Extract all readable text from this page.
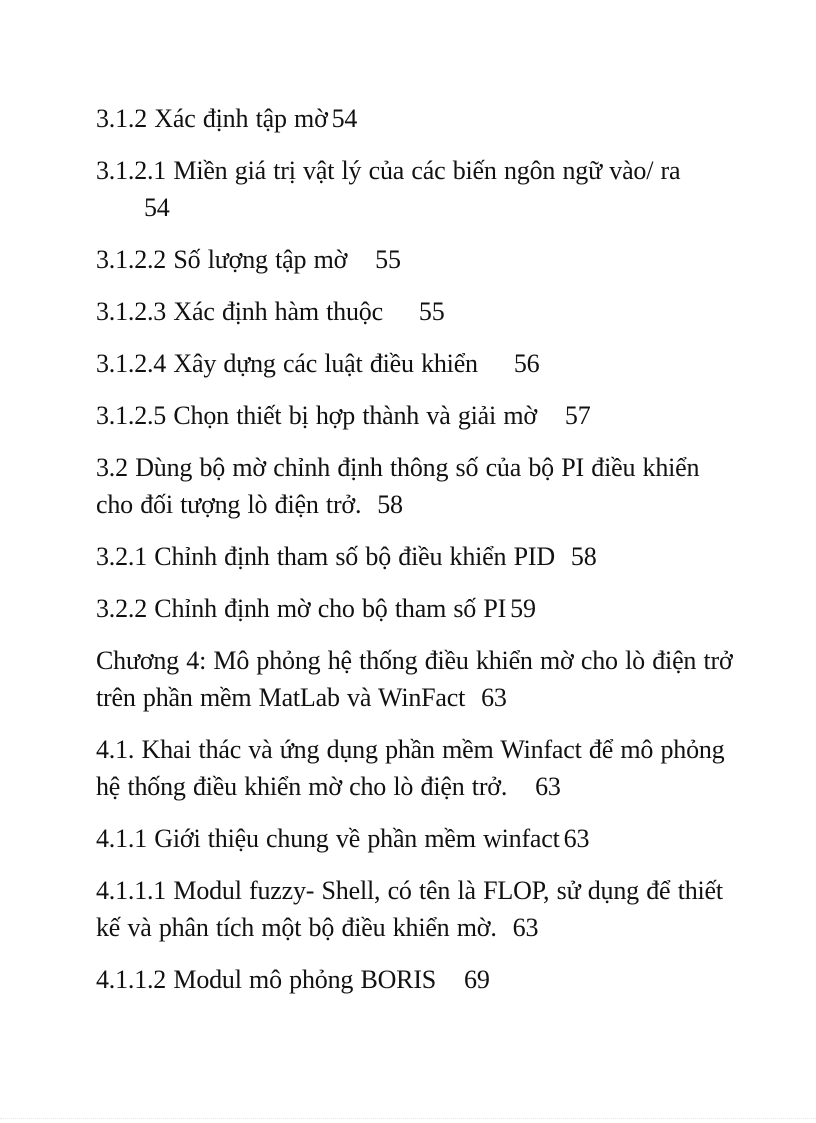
3.1.2 Xác định tập mờ 54
3.1.2.1 Miền giá trị vật lý của các biến ngôn ngữ vào/ ra
54
3.1.2.2 Số lượng tập mờ 55
3.1.2.3 Xác định hàm thuộc 55
3.1.2.4 Xây dựng các luật điều khiển 56
3.1.2.5 Chọn thiết bị hợp thành và giải mờ 57
3.2 Dùng bộ mờ chỉnh định thông số của bộ PI điều khiển cho đối tượng lò điện trở. 58
3.2.1 Chỉnh định tham số bộ điều khiển PID 58
3.2.2 Chỉnh định mờ cho bộ tham số PI 59
Chương 4: Mô phỏng hệ thống điều khiển mờ cho lò điện trở trên phần mềm MatLab và WinFact 63
4.1. Khai thác và ứng dụng phần mềm Winfact để mô phỏng hệ thống điều khiển mờ cho lò điện trở. 63
4.1.1 Giới thiệu chung về phần mềm winfact 63
4.1.1.1 Modul fuzzy- Shell, có tên là FLOP, sử dụng để thiết kế và phân tích một bộ điều khiển mờ. 63
4.1.1.2 Modul mô phỏng BORIS 69
